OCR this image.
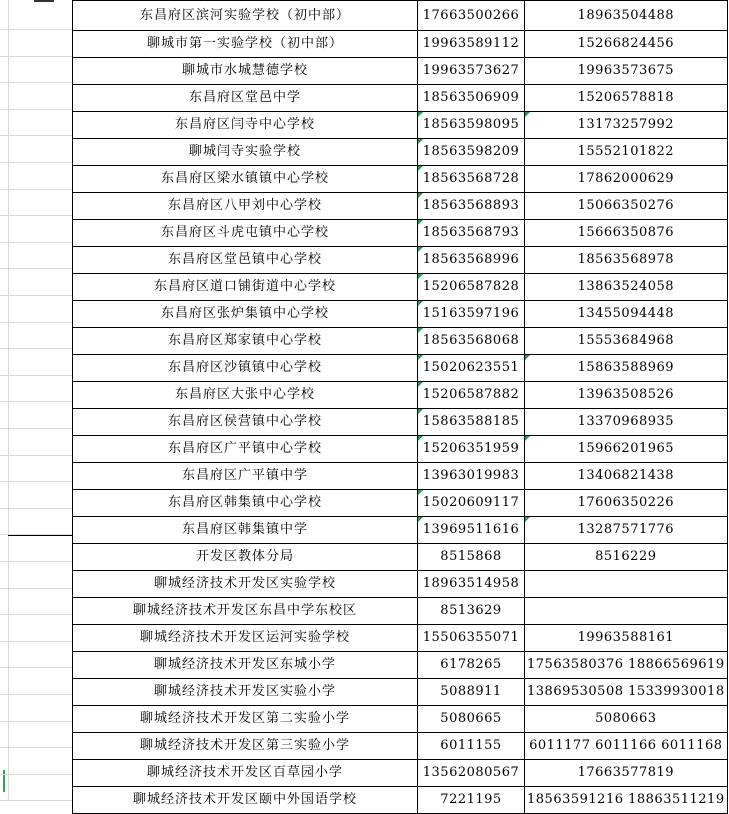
东昌府区滨河实验学校（初中部）	17663500266	18963504488
聊城市第一实验学校（初中部）	19963589112	15266824456
聊城市水城慧德学校	19963573627	19963573675
东昌府区堂邑中学	18563506909	15206578818
东昌府区闫寺中心学校	18563598095	13173257992
聊城闫寺实验学校	18563598209	15552101822
东昌府区梁水镇镇中心学校	18563568728	17862000629
东昌府区八甲刘中心学校	18563568893	15066350276
东昌府区斗虎屯镇中心学校	18563568793	15666350876
东昌府区堂邑镇中心学校	18563568996	18563568978
东昌府区道口铺街道中心学校	15206587828	13863524058
东昌府区张炉集镇中心学校	15163597196	13455094448
东昌府区郑家镇中心学校	18563568068	15553684968
东昌府区沙镇镇中心学校	15020623551	15863588969
东昌府区大张中心学校	15206587882	13963508526
东昌府区侯营镇中心学校	15863588185	13370968935
东昌府区广平镇中心学校	15206351959	15966201965
东昌府区广平镇中学	13963019983	13406821438
东昌府区韩集镇中心学校	15020609117	17606350226
东昌府区韩集镇中学	13969511616	13287571776
开发区教体分局	8515868	8516229
聊城经济技术开发区实验学校	18963514958	
聊城经济技术开发区东昌中学东校区	8513629	
聊城经济技术开发区运河实验学校	15506355071	19963588161
聊城经济技术开发区东城小学	6178265	17563580376 18866569619
聊城经济技术开发区实验小学	5088911	13869530508 15339930018
聊城经济技术开发区第二实验小学	5080665	5080663
聊城经济技术开发区第三实验小学	6011155	6011177 6011166 6011168
聊城经济技术开发区百草园小学	13562080567	17663577819
聊城经济技术开发区颐中外国语学校	7221195	18563591216 18863511219
